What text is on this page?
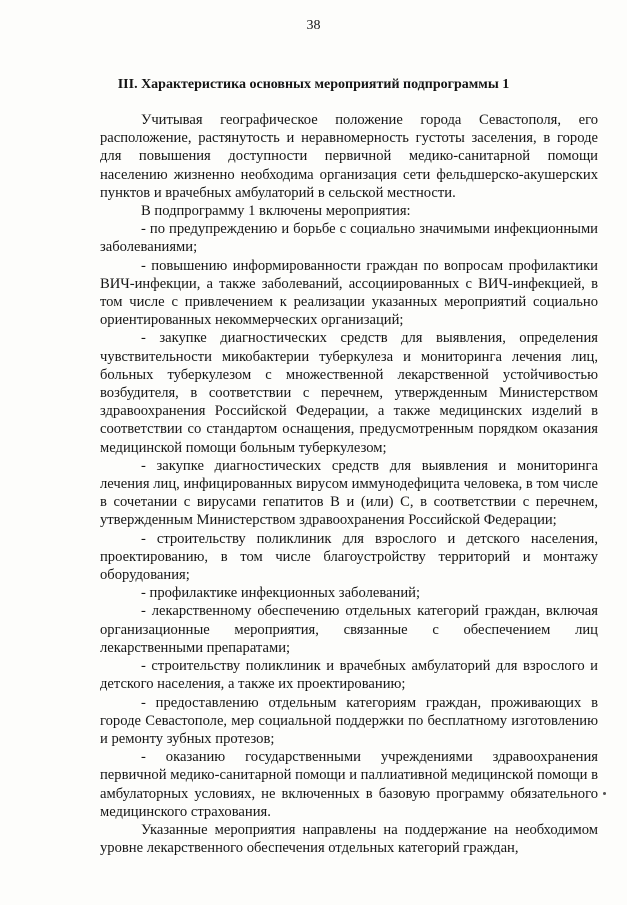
38
III. Характеристика основных мероприятий подпрограммы 1

Учитывая географическое положение города Севастополя, его расположение, растянутость и неравномерность густоты заселения, в городе для повышения доступности первичной медико-санитарной помощи населению жизненно необходима организация сети фельдшерско-акушерских пунктов и врачебных амбулаторий в сельской местности.

В подпрограмму 1 включены мероприятия:

- по предупреждению и борьбе с социально значимыми инфекционными заболеваниями;

- повышению информированности граждан по вопросам профилактики ВИЧ-инфекции, а также заболеваний, ассоциированных с ВИЧ-инфекцией, в том числе с привлечением к реализации указанных мероприятий социально ориентированных некоммерческих организаций;

- закупке диагностических средств для выявления, определения чувствительности микобактерии туберкулеза и мониторинга лечения лиц, больных туберкулезом с множественной лекарственной устойчивостью возбудителя, в соответствии с перечнем, утвержденным Министерством здравоохранения Российской Федерации, а также медицинских изделий в соответствии со стандартом оснащения, предусмотренным порядком оказания медицинской помощи больным туберкулезом;

- закупке диагностических средств для выявления и мониторинга лечения лиц, инфицированных вирусом иммунодефицита человека, в том числе в сочетании с вирусами гепатитов В и (или) С, в соответствии с перечнем, утвержденным Министерством здравоохранения Российской Федерации;

- строительству поликлиник для взрослого и детского населения, проектированию, в том числе благоустройству территорий и монтажу оборудования;

- профилактике инфекционных заболеваний;

- лекарственному обеспечению отдельных категорий граждан, включая организационные мероприятия, связанные с обеспечением лиц лекарственными препаратами;

- строительству поликлиник и врачебных амбулаторий для взрослого и детского населения, а также их проектированию;

- предоставлению отдельным категориям граждан, проживающих в городе Севастополе, мер социальной поддержки по бесплатному изготовлению и ремонту зубных протезов;

- оказанию государственными учреждениями здравоохранения первичной медико-санитарной помощи и паллиативной медицинской помощи в амбулаторных условиях, не включенных в базовую программу обязательного медицинского страхования.

Указанные мероприятия направлены на поддержание на необходимом уровне лекарственного обеспечения отдельных категорий граждан,
